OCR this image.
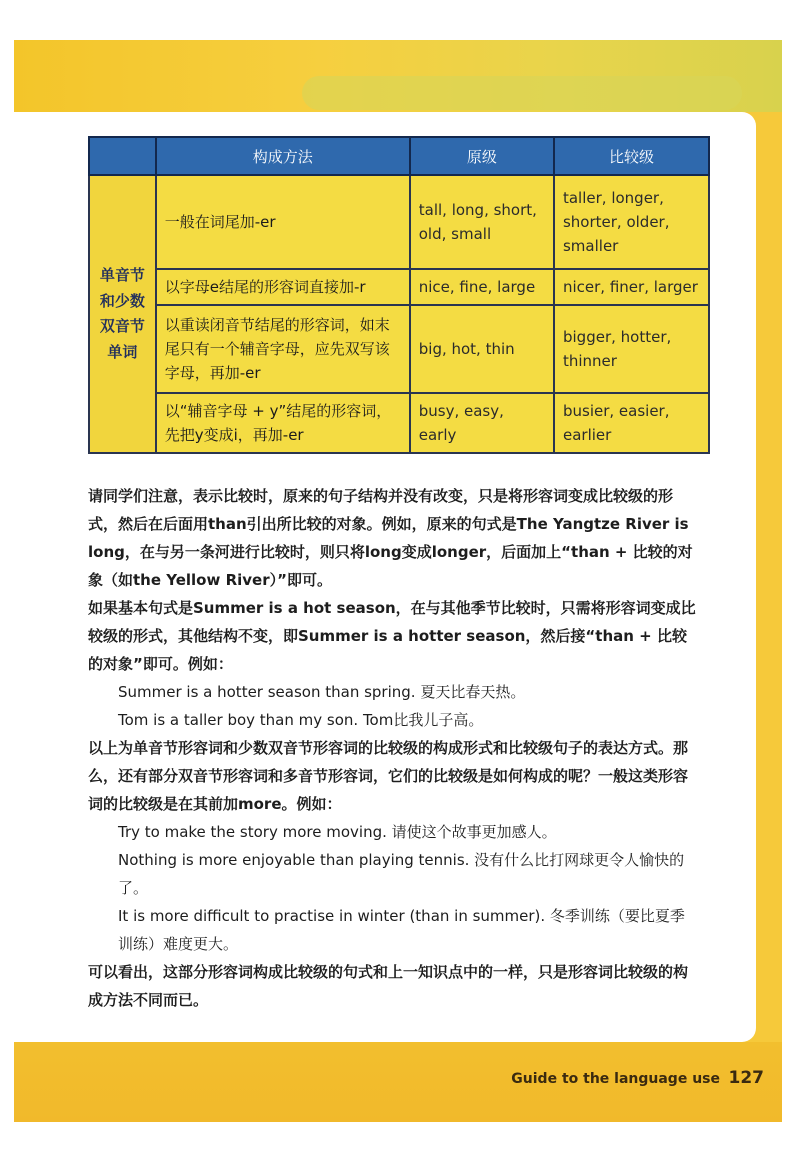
	构成方法	原级	比较级
单音节和少数双音节单词	一般在词尾加-er	tall, long, short, old, small	taller, longer, shorter, older, smaller
	以字母e结尾的形容词直接加-r	nice, fine, large	nicer, finer, larger
	以重读闭音节结尾的形容词，如末尾只有一个辅音字母，应先双写该字母，再加-er	big, hot, thin	bigger, hotter, thinner
	以“辅音字母 + y”结尾的形容词，先把y变成i，再加-er	busy, easy, early	busier, easier, earlier

请同学们注意，表示比较时，原来的句子结构并没有改变，只是将形容词变成比较级的形式，然后在后面用than引出所比较的对象。例如，原来的句式是The Yangtze River is long，在与另一条河进行比较时，则只将long变成longer，后面加上“than + 比较的对象（如the Yellow River）”即可。

如果基本句式是Summer is a hot season，在与其他季节比较时，只需将形容词变成比较级的形式，其他结构不变，即Summer is a hotter season，然后接“than + 比较的对象”即可。例如：

Summer is a hotter season than spring. 夏天比春天热。

Tom is a taller boy than my son. Tom比我儿子高。

以上为单音节形容词和少数双音节形容词的比较级的构成形式和比较级句子的表达方式。那么，还有部分双音节形容词和多音节形容词，它们的比较级是如何构成的呢？一般这类形容词的比较级是在其前加more。例如：

Try to make the story more moving. 请使这个故事更加感人。

Nothing is more enjoyable than playing tennis. 没有什么比打网球更令人愉快的了。

It is more difficult to practise in winter (than in summer). 冬季训练（要比夏季训练）难度更大。

可以看出，这部分形容词构成比较级的句式和上一知识点中的一样，只是形容词比较级的构成方法不同而已。

Guide to the language use 127
